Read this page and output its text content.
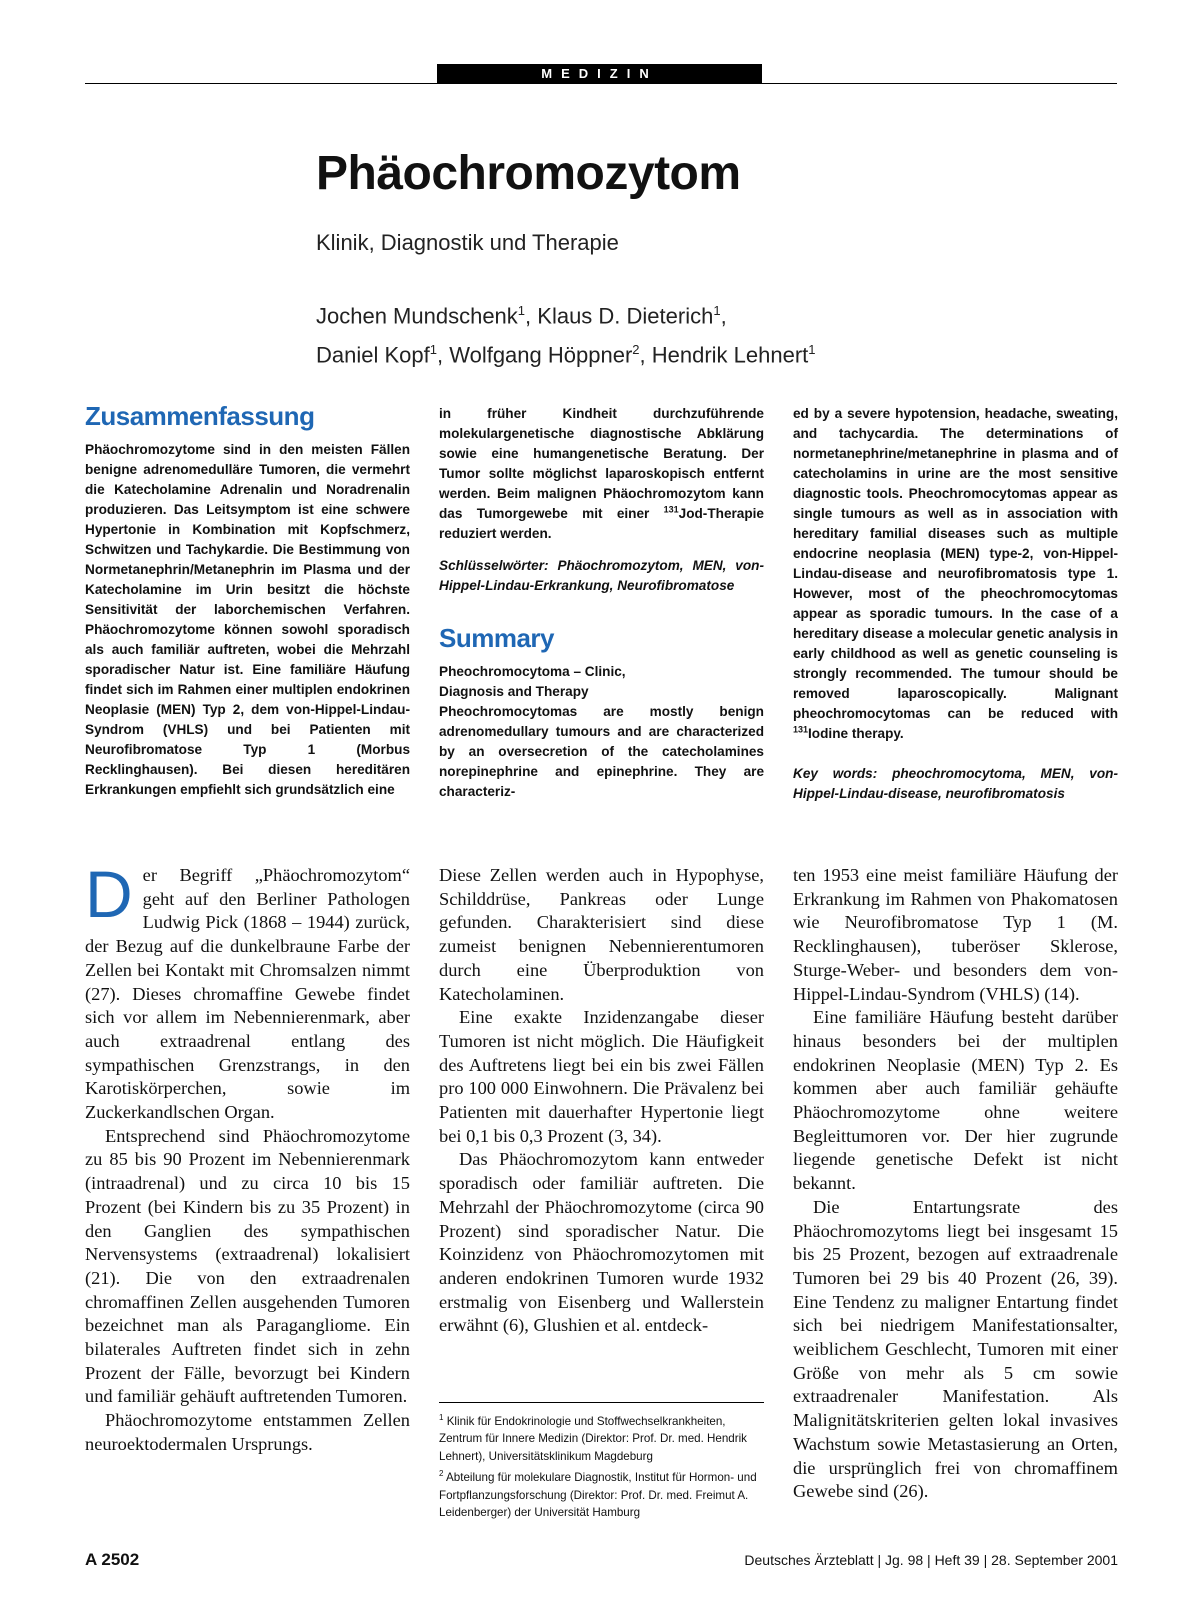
MEDIZIN
Phäochromozytom
Klinik, Diagnostik und Therapie
Jochen Mundschenk$^1$, Klaus D. Dieterich$^1$,
Daniel Kopf$^1$, Wolfgang Höppner$^2$, Hendrik Lehnert$^1$
Zusammenfassung

Phäochromozytome sind in den meisten Fällen benigne adrenomedulläre Tumoren, die vermehrt die Katecholamine Adrenalin und Noradrenalin produzieren. Das Leitsymptom ist eine schwere Hypertonie in Kombination mit Kopfschmerz, Schwitzen und Tachykardie. Die Bestimmung von Normetanephrin/Metanephrin im Plasma und der Katecholamine im Urin besitzt die höchste Sensitivität der laborchemischen Verfahren. Phäochromozytome können sowohl sporadisch als auch familiär auftreten, wobei die Mehrzahl sporadischer Natur ist. Eine familiäre Häufung findet sich im Rahmen einer multiplen endokrinen Neoplasie (MEN) Typ 2, dem von-Hippel-Lindau-Syndrom (VHLS) und bei Patienten mit Neurofibromatose Typ 1 (Morbus Recklinghausen). Bei diesen hereditären Erkrankungen empfiehlt sich grundsätzlich eine

in früher Kindheit durchzuführende molekulargenetische diagnostische Abklärung sowie eine humangenetische Beratung. Der Tumor sollte möglichst laparoskopisch entfernt werden. Beim malignen Phäochromozytom kann das Tumorgewebe mit einer $^{131}$Jod-Therapie reduziert werden.

Schlüsselwörter: Phäochromozytom, MEN, von-Hippel-Lindau-Erkrankung, Neurofibromatose

Summary

Pheochromocytoma – Clinic,
Diagnosis and Therapy

Pheochromocytomas are mostly benign adrenomedullary tumours and are characterized by an oversecretion of the catecholamines norepinephrine and epinephrine. They are characteriz-

ed by a severe hypotension, headache, sweating, and tachycardia. The determinations of normetanephrine/metanephrine in plasma and of catecholamins in urine are the most sensitive diagnostic tools. Pheochromocytomas appear as single tumours as well as in association with hereditary familial diseases such as multiple endocrine neoplasia (MEN) type-2, von-Hippel-Lindau-disease and neurofibromatosis type 1. However, most of the pheochromocytomas appear as sporadic tumours. In the case of a hereditary disease a molecular genetic analysis in early childhood as well as genetic counseling is strongly recommended. The tumour should be removed laparoscopically. Malignant pheochromocytomas can be reduced with $^{131}$Iodine therapy.

Key words: pheochromocytoma, MEN, von-Hippel-Lindau-disease, neurofibromatosis

Der Begriff „Phäochromozytom“ geht auf den Berliner Pathologen Ludwig Pick (1868 – 1944) zurück, der Bezug auf die dunkelbraune Farbe der Zellen bei Kontakt mit Chromsalzen nimmt (27). Dieses chromaffine Gewebe findet sich vor allem im Nebennierenmark, aber auch extraadrenal entlang des sympathischen Grenzstrangs, in den Karotiskörperchen, sowie im Zuckerkandlschen Organ.

Entsprechend sind Phäochromozytome zu 85 bis 90 Prozent im Nebennierenmark (intraadrenal) und zu circa 10 bis 15 Prozent (bei Kindern bis zu 35 Prozent) in den Ganglien des sympathischen Nervensystems (extraadrenal) lokalisiert (21). Die von den extraadrenalen chromaffinen Zellen ausgehenden Tumoren bezeichnet man als Paragangliome. Ein bilaterales Auftreten findet sich in zehn Prozent der Fälle, bevorzugt bei Kindern und familiär gehäuft auftretenden Tumoren.

Phäochromozytome entstammen Zellen neuroektodermalen Ursprungs.

Diese Zellen werden auch in Hypophyse, Schilddrüse, Pankreas oder Lunge gefunden. Charakterisiert sind diese zumeist benignen Nebennierentumoren durch eine Überproduktion von Katecholaminen.

Eine exakte Inzidenzangabe dieser Tumoren ist nicht möglich. Die Häufigkeit des Auftretens liegt bei ein bis zwei Fällen pro 100 000 Einwohnern. Die Prävalenz bei Patienten mit dauerhafter Hypertonie liegt bei 0,1 bis 0,3 Prozent (3, 34).

Das Phäochromozytom kann entweder sporadisch oder familiär auftreten. Die Mehrzahl der Phäochromozytome (circa 90 Prozent) sind sporadischer Natur. Die Koinzidenz von Phäochromozytomen mit anderen endokrinen Tumoren wurde 1932 erstmalig von Eisenberg und Wallerstein erwähnt (6), Glushien et al. entdeck-

ten 1953 eine meist familiäre Häufung der Erkrankung im Rahmen von Phakomatosen wie Neurofibromatose Typ 1 (M. Recklinghausen), tuberöser Sklerose, Sturge-Weber- und besonders dem von-Hippel-Lindau-Syndrom (VHLS) (14).

Eine familiäre Häufung besteht darüber hinaus besonders bei der multiplen endokrinen Neoplasie (MEN) Typ 2. Es kommen aber auch familiär gehäufte Phäochromozytome ohne weitere Begleittumoren vor. Der hier zugrunde liegende genetische Defekt ist nicht bekannt.

Die Entartungsrate des Phäochromozytoms liegt bei insgesamt 15 bis 25 Prozent, bezogen auf extraadrenale Tumoren bei 29 bis 40 Prozent (26, 39). Eine Tendenz zu maligner Entartung findet sich bei niedrigem Manifestationsalter, weiblichem Geschlecht, Tumoren mit einer Größe von mehr als 5 cm sowie extraadrenaler Manifestation. Als Malignitätskriterien gelten lokal invasives Wachstum sowie Metastasierung an Orten, die ursprünglich frei von chromaffinem Gewebe sind (26).

$^1$ Klinik für Endokrinologie und Stoffwechselkrankheiten, Zentrum für Innere Medizin (Direktor: Prof. Dr. med. Hendrik Lehnert), Universitätsklinikum Magdeburg

$^2$ Abteilung für molekulare Diagnostik, Institut für Hormon- und Fortpflanzungsforschung (Direktor: Prof. Dr. med. Freimut A. Leidenberger) der Universität Hamburg

A 2502	Deutsches Ärzteblatt | Jg. 98 | Heft 39 | 28. September 2001
